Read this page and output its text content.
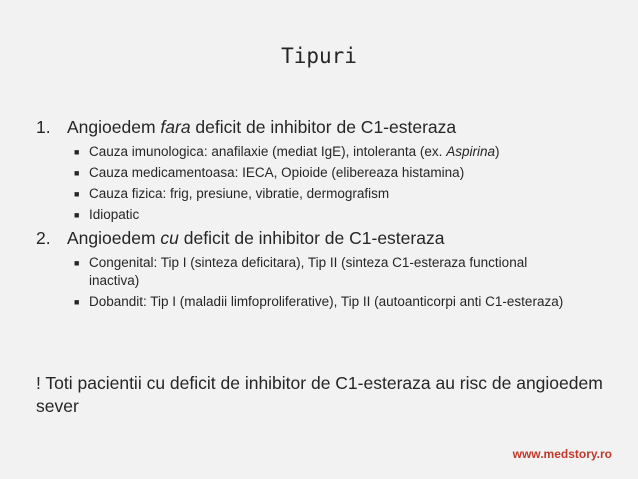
Tipuri
1. Angioedem fara deficit de inhibitor de C1-esteraza
■ Cauza imunologica: anafilaxie (mediat IgE), intoleranta (ex. Aspirina)
■ Cauza medicamentoasa: IECA, Opioide (elibereaza histamina)
■ Cauza fizica: frig, presiune, vibratie, dermografism
■ Idiopatic
2. Angioedem cu deficit de inhibitor de C1-esteraza
■ Congenital: Tip I (sinteza deficitara), Tip II (sinteza C1-esteraza functional inactiva)
■ Dobandit: Tip I (maladii limfoproliferative), Tip II (autoanticorpi anti C1-esteraza)
! Toti pacientii cu deficit de inhibitor de C1-esteraza au risc de angioedem sever
www.medstory.ro
